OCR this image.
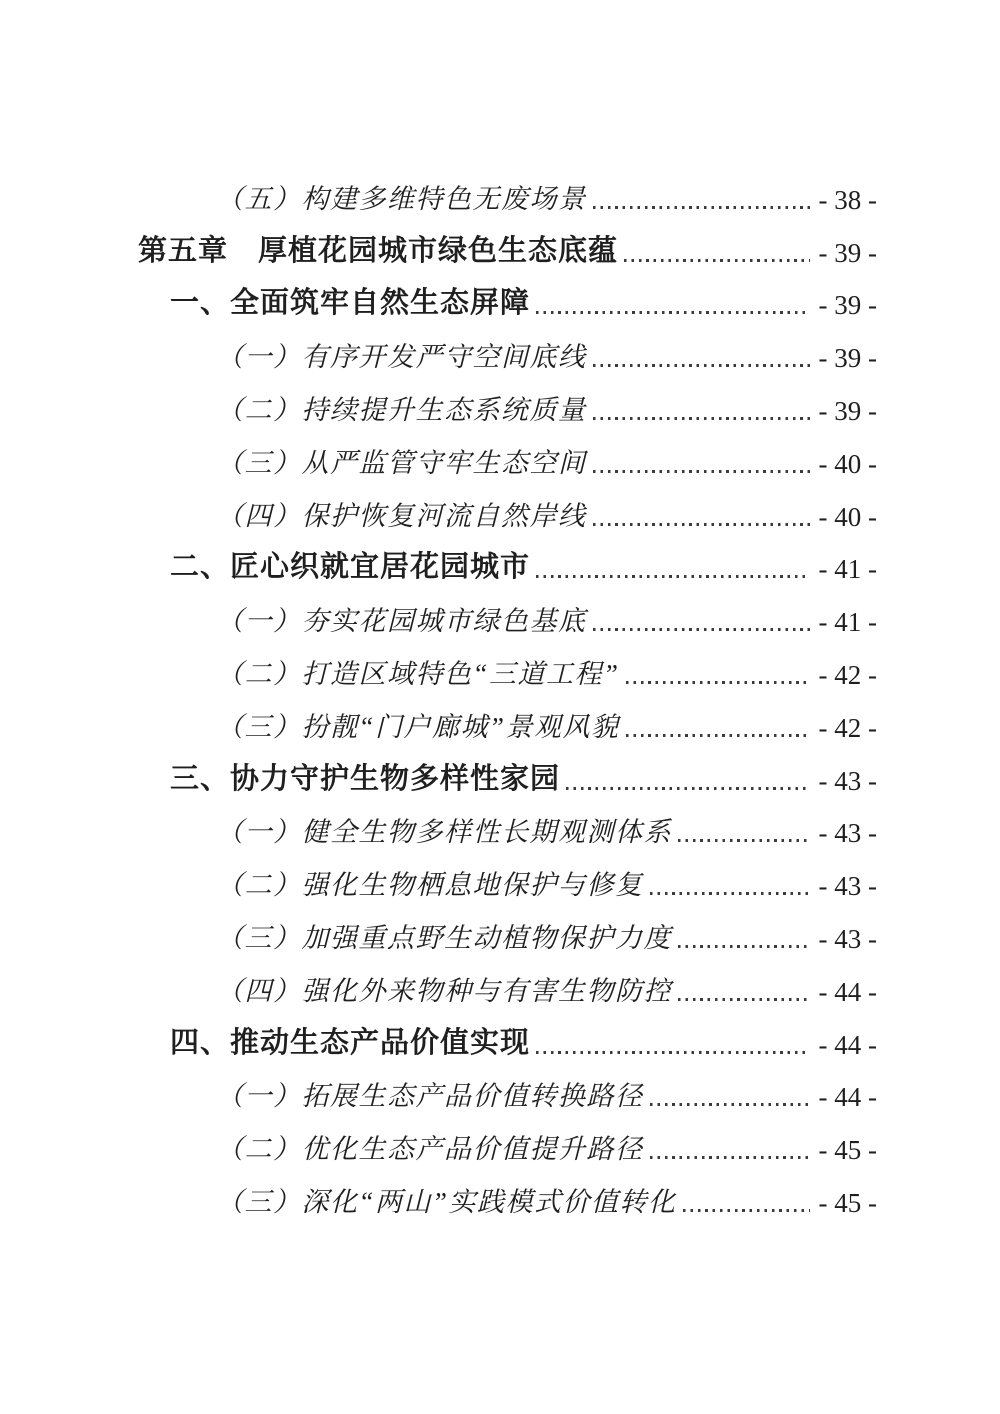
（五）构建多维特色无废场景	- 38 -
第五章　厚植花园城市绿色生态底蕴	- 39 -
一、全面筑牢自然生态屏障	- 39 -
（一）有序开发严守空间底线	- 39 -
（二）持续提升生态系统质量	- 39 -
（三）从严监管守牢生态空间	- 40 -
（四）保护恢复河流自然岸线	- 40 -
二、匠心织就宜居花园城市	- 41 -
（一）夯实花园城市绿色基底	- 41 -
（二）打造区域特色“三道工程”	- 42 -
（三）扮靓“门户廊城”景观风貌	- 42 -
三、协力守护生物多样性家园	- 43 -
（一）健全生物多样性长期观测体系	- 43 -
（二）强化生物栖息地保护与修复	- 43 -
（三）加强重点野生动植物保护力度	- 43 -
（四）强化外来物种与有害生物防控	- 44 -
四、推动生态产品价值实现	- 44 -
（一）拓展生态产品价值转换路径	- 44 -
（二）优化生态产品价值提升路径	- 45 -
（三）深化“两山”实践模式价值转化	- 45 -
